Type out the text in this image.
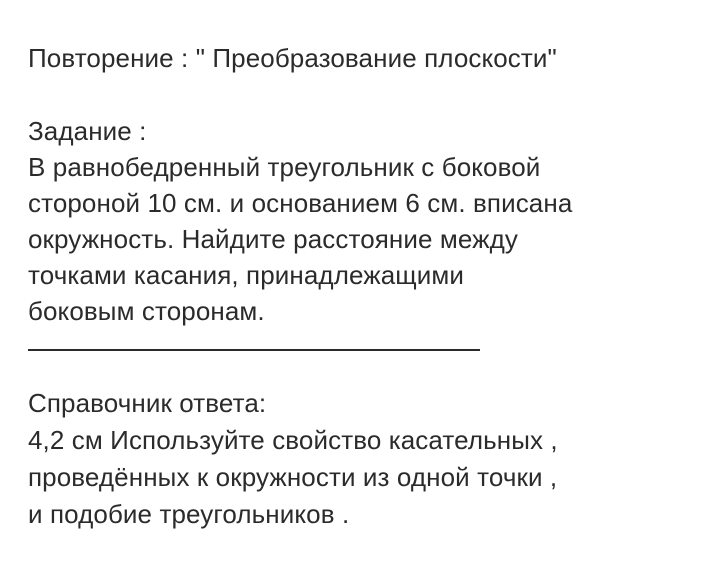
Повторение : " Преобразование плоскости"
Задание :
В равнобедренный треугольник с боковой
стороной 10 см. и основанием 6 см. вписана
окружность. Найдите расстояние между
точками касания, принадлежащими
боковым сторонам.
Справочник ответа:
4,2 см Используйте свойство касательных ,
проведённых к окружности из одной точки ,
и подобие треугольников .
